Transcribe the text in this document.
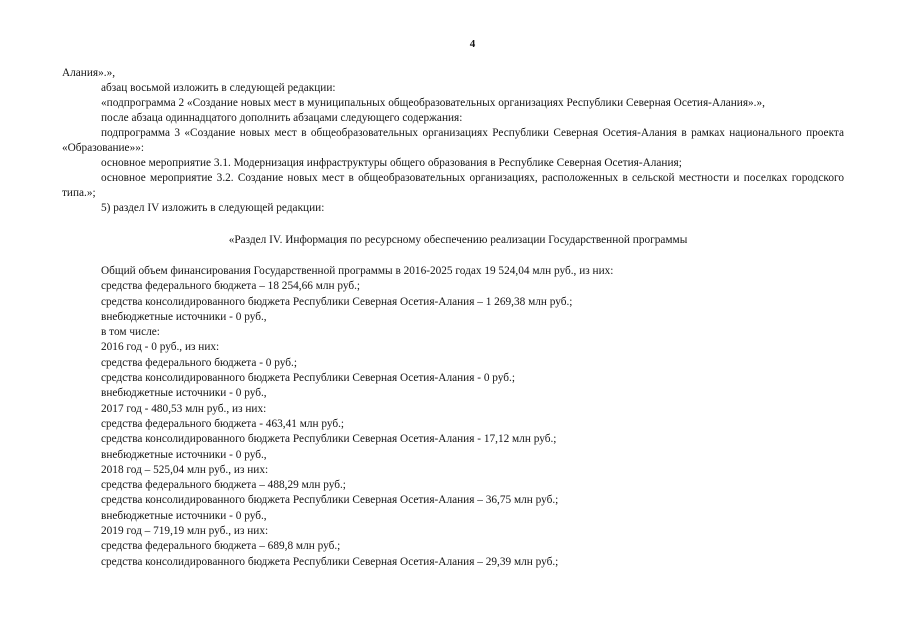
4

Алания».»,

абзац восьмой изложить в следующей редакции:

«подпрограмма 2 «Создание новых мест в муниципальных общеобразовательных организациях Республики Северная Осетия-Алания».»,

после абзаца одиннадцатого дополнить абзацами следующего содержания:

подпрограмма 3 «Создание новых мест в общеобразовательных организациях Республики Северная Осетия-Алания в рамках национального проекта «Образование»»:

основное мероприятие 3.1. Модернизация инфраструктуры общего образования в Республике Северная Осетия-Алания;

основное мероприятие 3.2. Создание новых мест в общеобразовательных организациях, расположенных в сельской местности и поселках городского типа.»;

5) раздел IV изложить в следующей редакции:

«Раздел IV. Информация по ресурсному обеспечению реализации Государственной программы

Общий объем финансирования Государственной программы в 2016-2025 годах 19 524,04 млн руб., из них:
средства федерального бюджета – 18 254,66 млн руб.;
средства консолидированного бюджета Республики Северная Осетия-Алания – 1 269,38 млн руб.;
внебюджетные источники - 0 руб.,
в том числе:
2016 год - 0 руб., из них:
средства федерального бюджета - 0 руб.;
средства консолидированного бюджета Республики Северная Осетия-Алания - 0 руб.;
внебюджетные источники - 0 руб.,
2017 год - 480,53 млн руб., из них:
средства федерального бюджета - 463,41 млн руб.;
средства консолидированного бюджета Республики Северная Осетия-Алания - 17,12 млн руб.;
внебюджетные источники - 0 руб.,
2018 год – 525,04 млн руб., из них:
средства федерального бюджета – 488,29 млн руб.;
средства консолидированного бюджета Республики Северная Осетия-Алания – 36,75 млн руб.;
внебюджетные источники - 0 руб.,
2019 год – 719,19 млн руб., из них:
средства федерального бюджета – 689,8 млн руб.;
средства консолидированного бюджета Республики Северная Осетия-Алания – 29,39 млн руб.;
